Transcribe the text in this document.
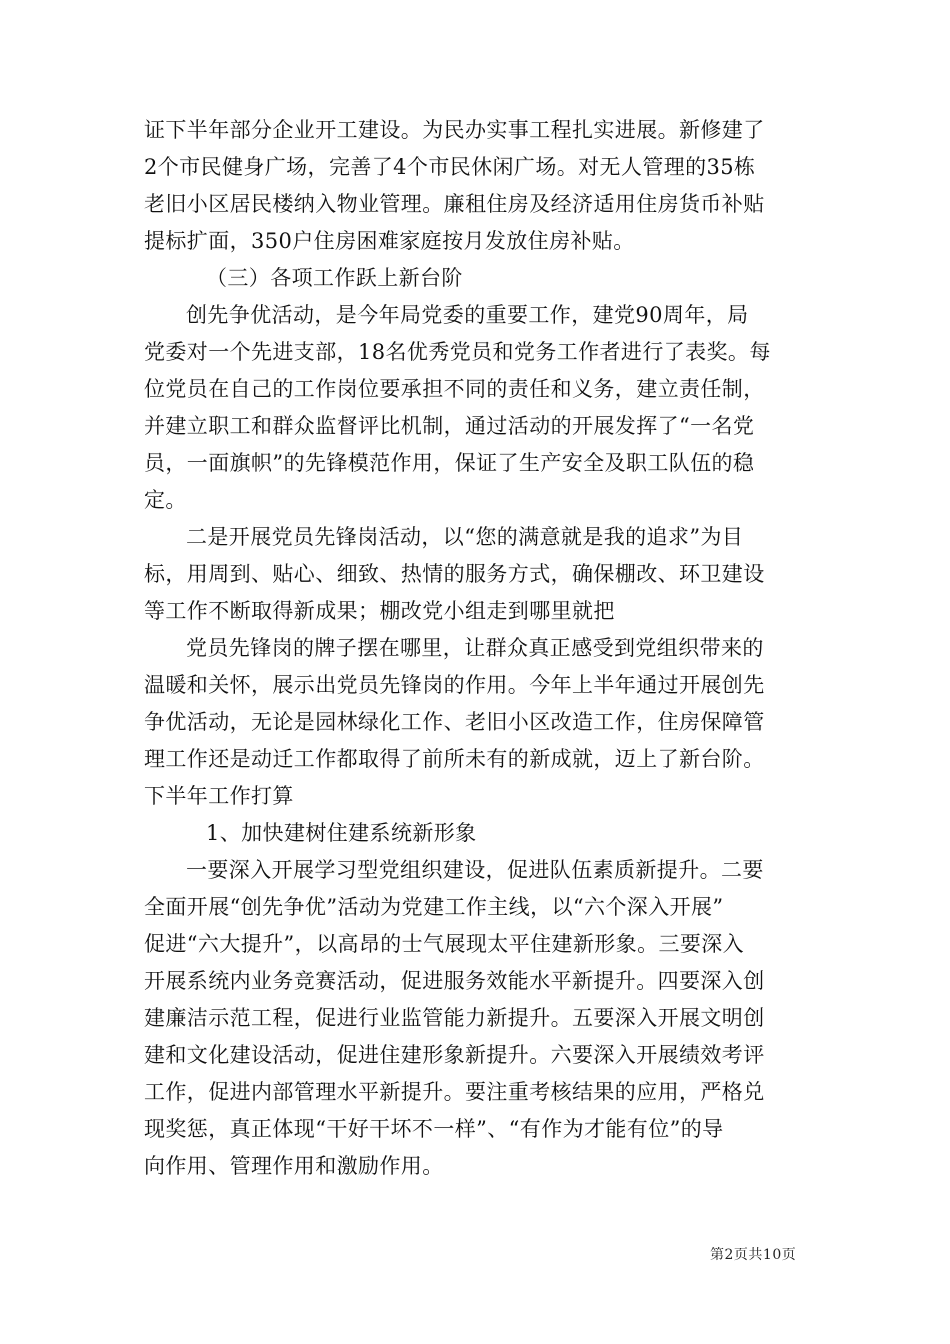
证下半年部分企业开工建设。为民办实事工程扎实进展。新修建了
2个市民健身广场，完善了4个市民休闲广场。对无人管理的35栋
老旧小区居民楼纳入物业管理。廉租住房及经济适用住房货币补贴
提标扩面，350户住房困难家庭按月发放住房补贴。
（三）各项工作跃上新台阶
创先争优活动，是今年局党委的重要工作，建党90周年，局
党委对一个先进支部，18名优秀党员和党务工作者进行了表奖。每
位党员在自己的工作岗位要承担不同的责任和义务，建立责任制，
并建立职工和群众监督评比机制，通过活动的开展发挥了“一名党
员，一面旗帜”的先锋模范作用，保证了生产安全及职工队伍的稳
定。
二是开展党员先锋岗活动，以“您的满意就是我的追求”为目
标，用周到、贴心、细致、热情的服务方式，确保棚改、环卫建设
等工作不断取得新成果；棚改党小组走到哪里就把
党员先锋岗的牌子摆在哪里，让群众真正感受到党组织带来的
温暖和关怀，展示出党员先锋岗的作用。今年上半年通过开展创先
争优活动，无论是园林绿化工作、老旧小区改造工作，住房保障管
理工作还是动迁工作都取得了前所未有的新成就，迈上了新台阶。
下半年工作打算
1、加快建树住建系统新形象
一要深入开展学习型党组织建设，促进队伍素质新提升。二要
全面开展“创先争优”活动为党建工作主线，以“六个深入开展”
促进“六大提升”，以高昂的士气展现太平住建新形象。三要深入
开展系统内业务竞赛活动，促进服务效能水平新提升。四要深入创
建廉洁示范工程，促进行业监管能力新提升。五要深入开展文明创
建和文化建设活动，促进住建形象新提升。六要深入开展绩效考评
工作，促进内部管理水平新提升。要注重考核结果的应用，严格兑
现奖惩，真正体现“干好干坏不一样”、“有作为才能有位”的导
向作用、管理作用和激励作用。
第2页共10页
